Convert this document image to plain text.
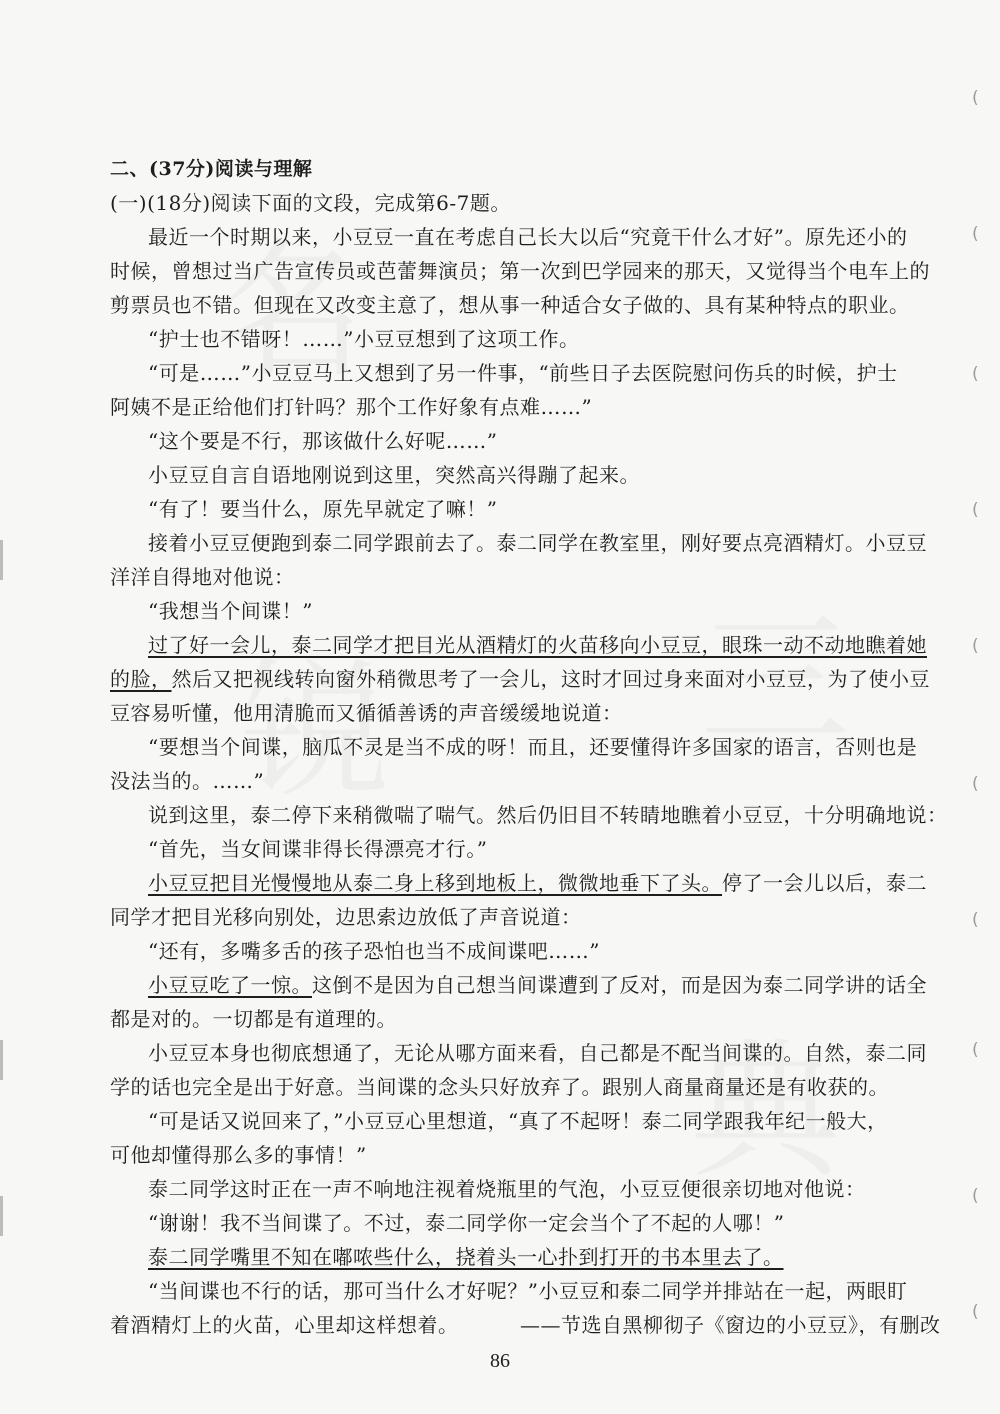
(
(
(
(
(
(
(
(
(
(
二、(37分)阅读与理解
(一)(18分)阅读下面的文段，完成第6-7题。
最近一个时期以来，小豆豆一直在考虑自己长大以后“究竟干什么才好”。原先还小的
时候，曾想过当广告宣传员或芭蕾舞演员；第一次到巴学园来的那天，又觉得当个电车上的
剪票员也不错。但现在又改变主意了，想从事一种适合女子做的、具有某种特点的职业。
“护士也不错呀！……”小豆豆想到了这项工作。
“可是……”小豆豆马上又想到了另一件事，“前些日子去医院慰问伤兵的时候，护士
阿姨不是正给他们打针吗？那个工作好象有点难……”
“这个要是不行，那该做什么好呢……”
小豆豆自言自语地刚说到这里，突然高兴得蹦了起来。
“有了！要当什么，原先早就定了嘛！”
接着小豆豆便跑到泰二同学跟前去了。泰二同学在教室里，刚好要点亮酒精灯。小豆豆
洋洋自得地对他说：
“我想当个间谍！”
过了好一会儿，泰二同学才把目光从酒精灯的火苗移向小豆豆，眼珠一动不动地瞧着她
的脸，然后又把视线转向窗外稍微思考了一会儿，这时才回过身来面对小豆豆，为了使小豆
豆容易听懂，他用清脆而又循循善诱的声音缓缓地说道：
“要想当个间谍，脑瓜不灵是当不成的呀！而且，还要懂得许多国家的语言，否则也是
没法当的。……”
说到这里，泰二停下来稍微喘了喘气。然后仍旧目不转睛地瞧着小豆豆，十分明确地说：
“首先，当女间谍非得长得漂亮才行。”
小豆豆把目光慢慢地从泰二身上移到地板上，微微地垂下了头。停了一会儿以后，泰二
同学才把目光移向别处，边思索边放低了声音说道：
“还有，多嘴多舌的孩子恐怕也当不成间谍吧……”
小豆豆吃了一惊。这倒不是因为自己想当间谍遭到了反对，而是因为泰二同学讲的话全
都是对的。一切都是有道理的。
小豆豆本身也彻底想通了，无论从哪方面来看，自己都是不配当间谍的。自然，泰二同
学的话也完全是出于好意。当间谍的念头只好放弃了。跟别人商量商量还是有收获的。
“可是话又说回来了，”小豆豆心里想道，“真了不起呀！泰二同学跟我年纪一般大，
可他却懂得那么多的事情！”
泰二同学这时正在一声不响地注视着烧瓶里的气泡，小豆豆便很亲切地对他说：
“谢谢！我不当间谍了。不过，泰二同学你一定会当个了不起的人哪！”
泰二同学嘴里不知在嘟哝些什么，挠着头一心扑到打开的书本里去了。
“当间谍也不行的话，那可当什么才好呢？”小豆豆和泰二同学并排站在一起，两眼盯
着酒精灯上的火苗，心里却这样想着。	——节选自黑柳彻子《窗边的小豆豆》，有删改
86
